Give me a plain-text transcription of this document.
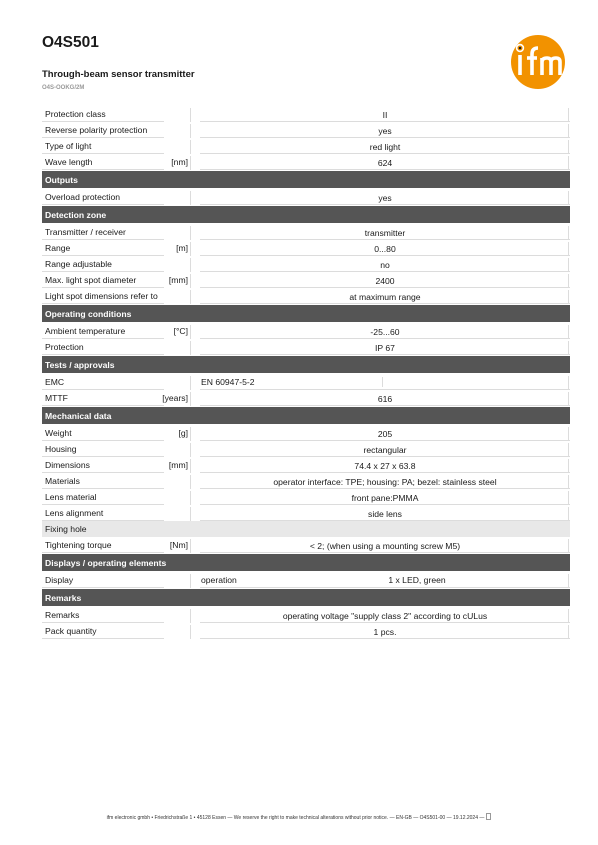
O4S501
Through-beam sensor transmitter
O4S-OOKG/2M
Protection class	II
Reverse polarity protection	yes
Type of light	red light
Wave length	[nm]	624
Outputs
Overload protection	yes
Detection zone
Transmitter / receiver	transmitter
Range	[m]	0...80
Range adjustable	no
Max. light spot diameter	[mm]	2400
Light spot dimensions refer to	at maximum range
Operating conditions
Ambient temperature	[°C]	-25...60
Protection	IP 67
Tests / approvals
EMC	EN 60947-5-2
MTTF	[years]	616
Mechanical data
Weight	[g]	205
Housing	rectangular
Dimensions	[mm]	74.4 x 27 x 63.8
Materials	operator interface: TPE; housing: PA; bezel: stainless steel
Lens material	front pane:PMMA
Lens alignment	side lens
Fixing hole
Tightening torque	[Nm]	< 2; (when using a mounting screw M5)
Displays / operating elements
Display	operation	1 x LED, green
Remarks
Remarks	operating voltage "supply class 2" according to cULus
Pack quantity	1 pcs.
ifm electronic gmbh • Friedrichstraße 1 • 45128 Essen — We reserve the right to make technical alterations without prior notice. — EN-GB — O4S501-00 — 19.12.2024 —
